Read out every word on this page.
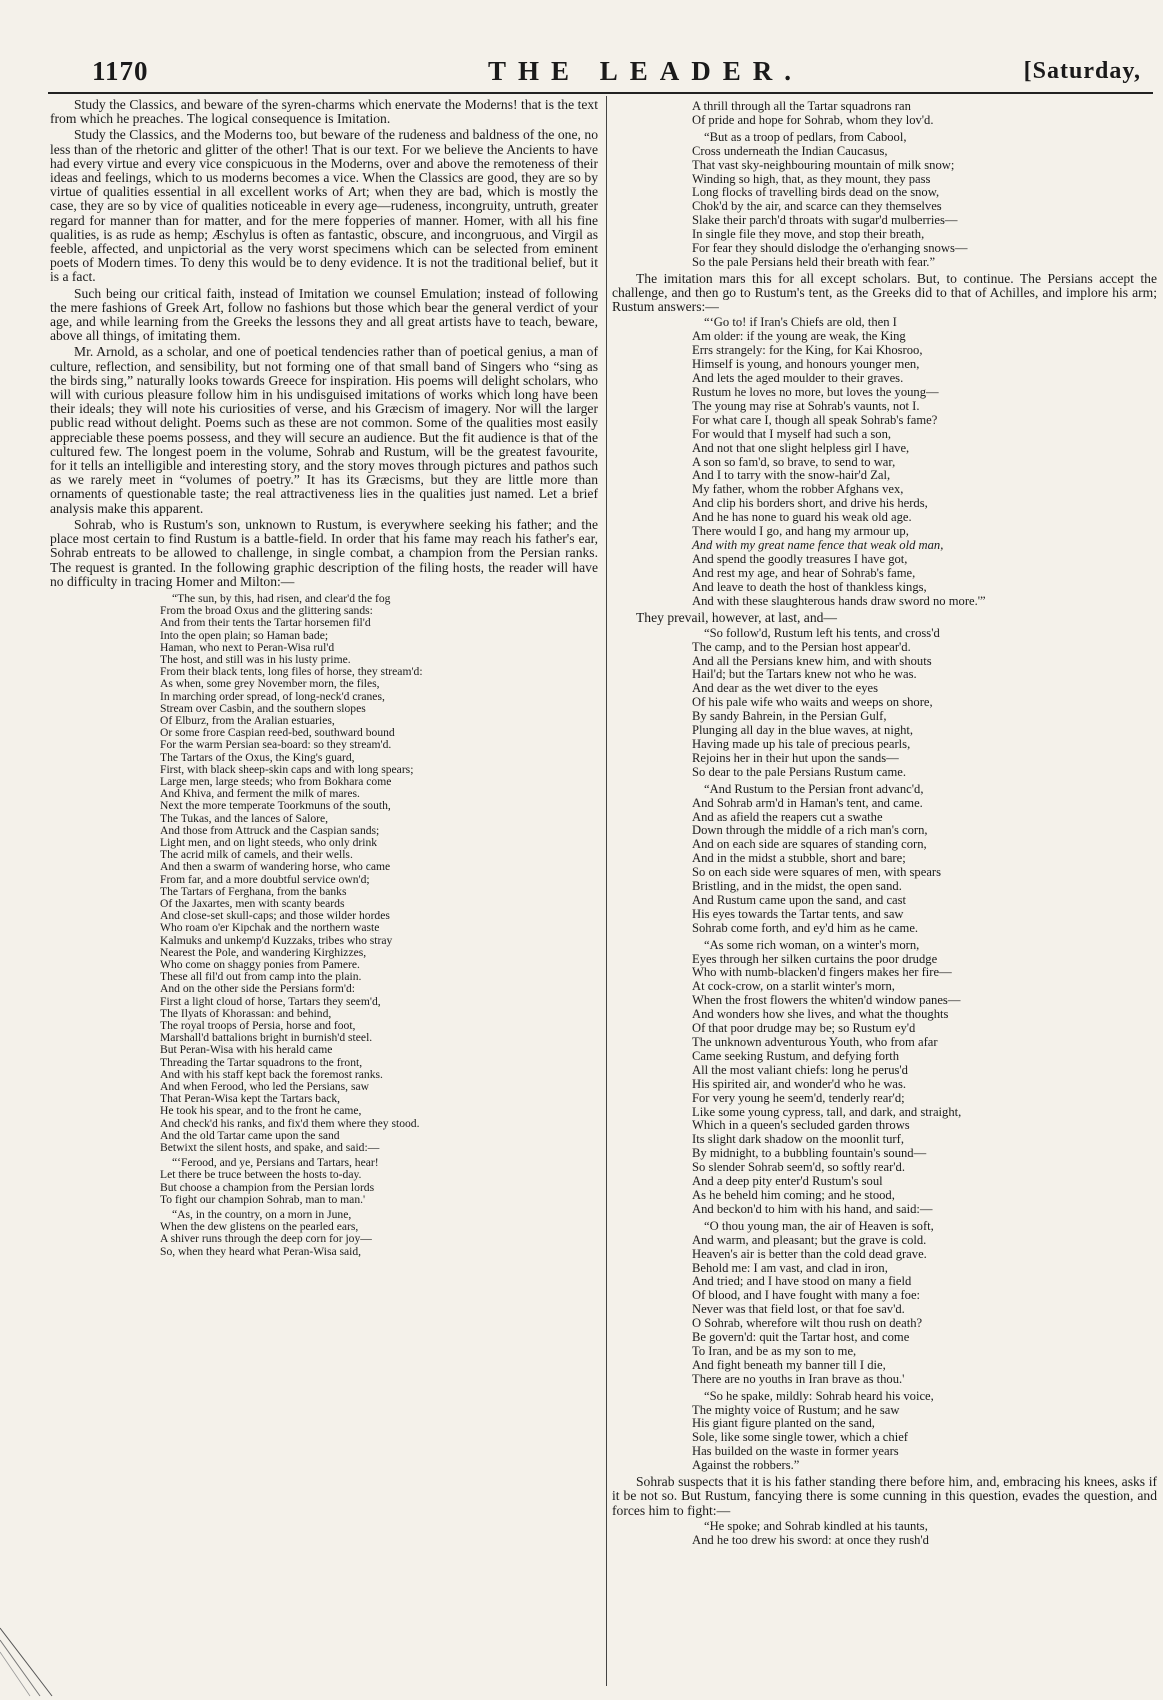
1170	THE LEADER.	[Saturday,

Study the Classics, and beware of the syren-charms which enervate the Moderns! that is the text from which he preaches. The logical consequence is Imitation.

Study the Classics, and the Moderns too, but beware of the rudeness and baldness of the one, no less than of the rhetoric and glitter of the other! That is our text. For we believe the Ancients to have had every virtue and every vice conspicuous in the Moderns, over and above the remoteness of their ideas and feelings, which to us moderns becomes a vice. When the Classics are good, they are so by virtue of qualities essential in all excellent works of Art; when they are bad, which is mostly the case, they are so by vice of qualities noticeable in every age—rudeness, incongruity, untruth, greater regard for manner than for matter, and for the mere fopperies of manner. Homer, with all his fine qualities, is as rude as hemp; Æschylus is often as fantastic, obscure, and incongruous, and Virgil as feeble, affected, and unpictorial as the very worst specimens which can be selected from eminent poets of Modern times. To deny this would be to deny evidence. It is not the traditional belief, but it is a fact.

Such being our critical faith, instead of Imitation we counsel Emulation; instead of following the mere fashions of Greek Art, follow no fashions but those which bear the general verdict of your age, and while learning from the Greeks the lessons they and all great artists have to teach, beware, above all things, of imitating them.

Mr. Arnold, as a scholar, and one of poetical tendencies rather than of poetical genius, a man of culture, reflection, and sensibility, but not forming one of that small band of Singers who “sing as the birds sing,” naturally looks towards Greece for inspiration. His poems will delight scholars, who will with curious pleasure follow him in his undisguised imitations of works which long have been their ideals; they will note his curiosities of verse, and his Græcism of imagery. Nor will the larger public read without delight. Poems such as these are not common. Some of the qualities most easily appreciable these poems possess, and they will secure an audience. But the fit audience is that of the cultured few. The longest poem in the volume, Sohrab and Rustum, will be the greatest favourite, for it tells an intelligible and interesting story, and the story moves through pictures and pathos such as we rarely meet in “volumes of poetry.” It has its Græcisms, but they are little more than ornaments of questionable taste; the real attractiveness lies in the qualities just named. Let a brief analysis make this apparent.

Sohrab, who is Rustum's son, unknown to Rustum, is everywhere seeking his father; and the place most certain to find Rustum is a battle-field. In order that his fame may reach his father's ear, Sohrab entreats to be allowed to challenge, in single combat, a champion from the Persian ranks. The request is granted. In the following graphic description of the filing hosts, the reader will have no difficulty in tracing Homer and Milton:—

“The sun, by this, had risen, and clear'd the fog
From the broad Oxus and the glittering sands:
And from their tents the Tartar horsemen fil'd
Into the open plain; so Haman bade;
Haman, who next to Peran-Wisa rul'd
The host, and still was in his lusty prime.
From their black tents, long files of horse, they stream'd:
As when, some grey November morn, the files,
In marching order spread, of long-neck'd cranes,
Stream over Casbin, and the southern slopes
Of Elburz, from the Aralian estuaries,
Or some frore Caspian reed-bed, southward bound
For the warm Persian sea-board: so they stream'd.
The Tartars of the Oxus, the King's guard,
First, with black sheep-skin caps and with long spears;
Large men, large steeds; who from Bokhara come
And Khiva, and ferment the milk of mares.
Next the more temperate Toorkmuns of the south,
The Tukas, and the lances of Salore,
And those from Attruck and the Caspian sands;
Light men, and on light steeds, who only drink
The acrid milk of camels, and their wells.
And then a swarm of wandering horse, who came
From far, and a more doubtful service own'd;
The Tartars of Ferghana, from the banks
Of the Jaxartes, men with scanty beards
And close-set skull-caps; and those wilder hordes
Who roam o'er Kipchak and the northern waste
Kalmuks and unkemp'd Kuzzaks, tribes who stray
Nearest the Pole, and wandering Kirghizzes,
Who come on shaggy ponies from Pamere.
These all fil'd out from camp into the plain.
And on the other side the Persians form'd:
First a light cloud of horse, Tartars they seem'd,
The Ilyats of Khorassan: and behind,
The royal troops of Persia, horse and foot,
Marshall'd battalions bright in burnish'd steel.
But Peran-Wisa with his herald came
Threading the Tartar squadrons to the front,
And with his staff kept back the foremost ranks.
And when Ferood, who led the Persians, saw
That Peran-Wisa kept the Tartars back,
He took his spear, and to the front he came,
And check'd his ranks, and fix'd them where they stood.
And the old Tartar came upon the sand
Betwixt the silent hosts, and spake, and said:—
“‘Ferood, and ye, Persians and Tartars, hear!
Let there be truce between the hosts to-day.
But choose a champion from the Persian lords
To fight our champion Sohrab, man to man.'
“As, in the country, on a morn in June,
When the dew glistens on the pearled ears,
A shiver runs through the deep corn for joy—
So, when they heard what Peran-Wisa said,
A thrill through all the Tartar squadrons ran
Of pride and hope for Sohrab, whom they lov'd.
“But as a troop of pedlars, from Cabool,
Cross underneath the Indian Caucasus,
That vast sky-neighbouring mountain of milk snow;
Winding so high, that, as they mount, they pass
Long flocks of travelling birds dead on the snow,
Chok'd by the air, and scarce can they themselves
Slake their parch'd throats with sugar'd mulberries—
In single file they move, and stop their breath,
For fear they should dislodge the o'erhanging snows—
So the pale Persians held their breath with fear.”

The imitation mars this for all except scholars. But, to continue. The Persians accept the challenge, and then go to Rustum's tent, as the Greeks did to that of Achilles, and implore his arm; Rustum answers:—

“‘Go to! if Iran's Chiefs are old, then I
Am older: if the young are weak, the King
Errs strangely: for the King, for Kai Khosroo,
Himself is young, and honours younger men,
And lets the aged moulder to their graves.
Rustum he loves no more, but loves the young—
The young may rise at Sohrab's vaunts, not I.
For what care I, though all speak Sohrab's fame?
For would that I myself had such a son,
And not that one slight helpless girl I have,
A son so fam'd, so brave, to send to war,
And I to tarry with the snow-hair'd Zal,
My father, whom the robber Afghans vex,
And clip his borders short, and drive his herds,
And he has none to guard his weak old age.
There would I go, and hang my armour up,
And with my great name fence that weak old man,
And spend the goodly treasures I have got,
And rest my age, and hear of Sohrab's fame,
And leave to death the host of thankless kings,
And with these slaughterous hands draw sword no more.'”

They prevail, however, at last, and—

“So follow'd, Rustum left his tents, and cross'd
The camp, and to the Persian host appear'd.
And all the Persians knew him, and with shouts
Hail'd; but the Tartars knew not who he was.
And dear as the wet diver to the eyes
Of his pale wife who waits and weeps on shore,
By sandy Bahrein, in the Persian Gulf,
Plunging all day in the blue waves, at night,
Having made up his tale of precious pearls,
Rejoins her in their hut upon the sands—
So dear to the pale Persians Rustum came.
“And Rustum to the Persian front advanc'd,
And Sohrab arm'd in Haman's tent, and came.
And as afield the reapers cut a swathe
Down through the middle of a rich man's corn,
And on each side are squares of standing corn,
And in the midst a stubble, short and bare;
So on each side were squares of men, with spears
Bristling, and in the midst, the open sand.
And Rustum came upon the sand, and cast
His eyes towards the Tartar tents, and saw
Sohrab come forth, and ey'd him as he came.
“As some rich woman, on a winter's morn,
Eyes through her silken curtains the poor drudge
Who with numb-blacken'd fingers makes her fire—
At cock-crow, on a starlit winter's morn,
When the frost flowers the whiten'd window panes—
And wonders how she lives, and what the thoughts
Of that poor drudge may be; so Rustum ey'd
The unknown adventurous Youth, who from afar
Came seeking Rustum, and defying forth
All the most valiant chiefs: long he perus'd
His spirited air, and wonder'd who he was.
For very young he seem'd, tenderly rear'd;
Like some young cypress, tall, and dark, and straight,
Which in a queen's secluded garden throws
Its slight dark shadow on the moonlit turf,
By midnight, to a bubbling fountain's sound—
So slender Sohrab seem'd, so softly rear'd.
And a deep pity enter'd Rustum's soul
As he beheld him coming; and he stood,
And beckon'd to him with his hand, and said:—
“O thou young man, the air of Heaven is soft,
And warm, and pleasant; but the grave is cold.
Heaven's air is better than the cold dead grave.
Behold me: I am vast, and clad in iron,
And tried; and I have stood on many a field
Of blood, and I have fought with many a foe:
Never was that field lost, or that foe sav'd.
O Sohrab, wherefore wilt thou rush on death?
Be govern'd: quit the Tartar host, and come
To Iran, and be as my son to me,
And fight beneath my banner till I die,
There are no youths in Iran brave as thou.'
“So he spake, mildly: Sohrab heard his voice,
The mighty voice of Rustum; and he saw
His giant figure planted on the sand,
Sole, like some single tower, which a chief
Has builded on the waste in former years
Against the robbers.”

Sohrab suspects that it is his father standing there before him, and, embracing his knees, asks if it be not so. But Rustum, fancying there is some cunning in this question, evades the question, and forces him to fight:—

“He spoke; and Sohrab kindled at his taunts,
And he too drew his sword: at once they rush'd
